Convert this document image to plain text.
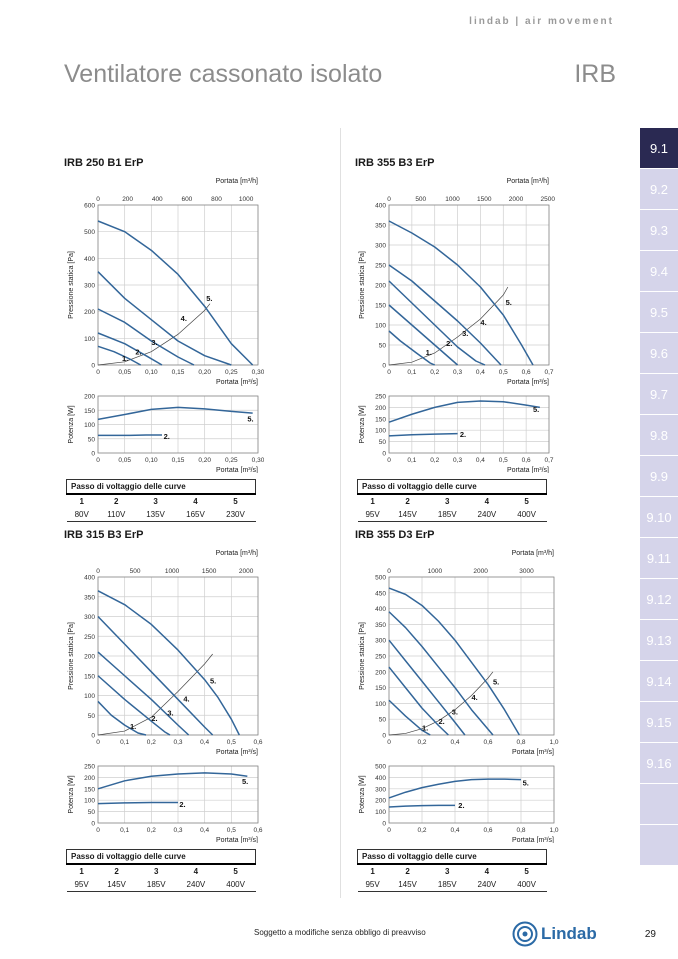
lindab | air movement
Ventilatore cassonato isolato	IRB
9.1
9.2
9.3
9.4
9.5
9.6
9.7
9.8
9.9
9.10
9.11
9.12
9.13
9.14
9.15
9.16
IRB 250 B1 ErP
0	0,05 0,10 0,15 0,20 0,25 0,30
0
100
200
300
400
500
600
Portata [m³/s]
Pressione statica [Pa]
Portata [m³/h]
0	200	400	600	800	1000
1.
2.
3.
4.
5.
0	0,05 0,10 0,15 0,20 0,25 0,30
0
50
100
150
200
Portata [m³/s]
Potenza [W]	5.
2.
Passo di voltaggio delle curve				
1	2	3	4	5
80V	110V	135V	165V	230V
IRB 355 B3 ErP
0	0,1 0,2 0,3 0,4 0,5 0,6 0,7
0
50
100
150
200
250
300
350
400
Portata [m³/s]
Pressione statica [Pa]
Portata [m³/h]
0	500	1000	1500	2000	2500
1.
2.
3.
4.
5.
0	0,1 0,2 0,3 0,4 0,5 0,6 0,7
0
50
100
150
200
250
Portata [m³/s]
Potenza [W]	5.
2.
Passo di voltaggio delle curve				
1	2	3	4	5
95V	145V	185V	240V	400V
IRB 315 B3 ErP
0	0,1	0,2	0,3	0,4	0,5	0,6
0
50
100
150
200
250
300
350
400
Portata [m³/s]
Pressione statica [Pa]
Portata [m³/h]
0	500	1000	1500	2000
1.
2.
3.
4.
5.
0	0,1	0,2	0,3	0,4	0,5	0,6
0
50
100
150
200
250
Portata [m³/s]
Potenza [W]	5.
2.
Passo di voltaggio delle curve				
1	2	3	4	5
95V	145V	185V	240V	400V
IRB 355 D3 ErP
0	0,2	0,4	0,6	0,8	1,0
0
50
100
150
200
250
300
350
400
450
500
Portata [m³/s]
Pressione statica [Pa]
Portata [m³/h]
0	1000	2000	3000
1.
2.
3.
4.
5.
0	0,2	0,4	0,6	0,8	1,0
0
100
200
300
400
500
Portata [m³/s]
Potenza [W]	5.
2.
Passo di voltaggio delle curve				
1	2	3	4	5
95V	145V	185V	240V	400V
Soggetto a modifiche senza obbligo di preavviso	Lindab	29
